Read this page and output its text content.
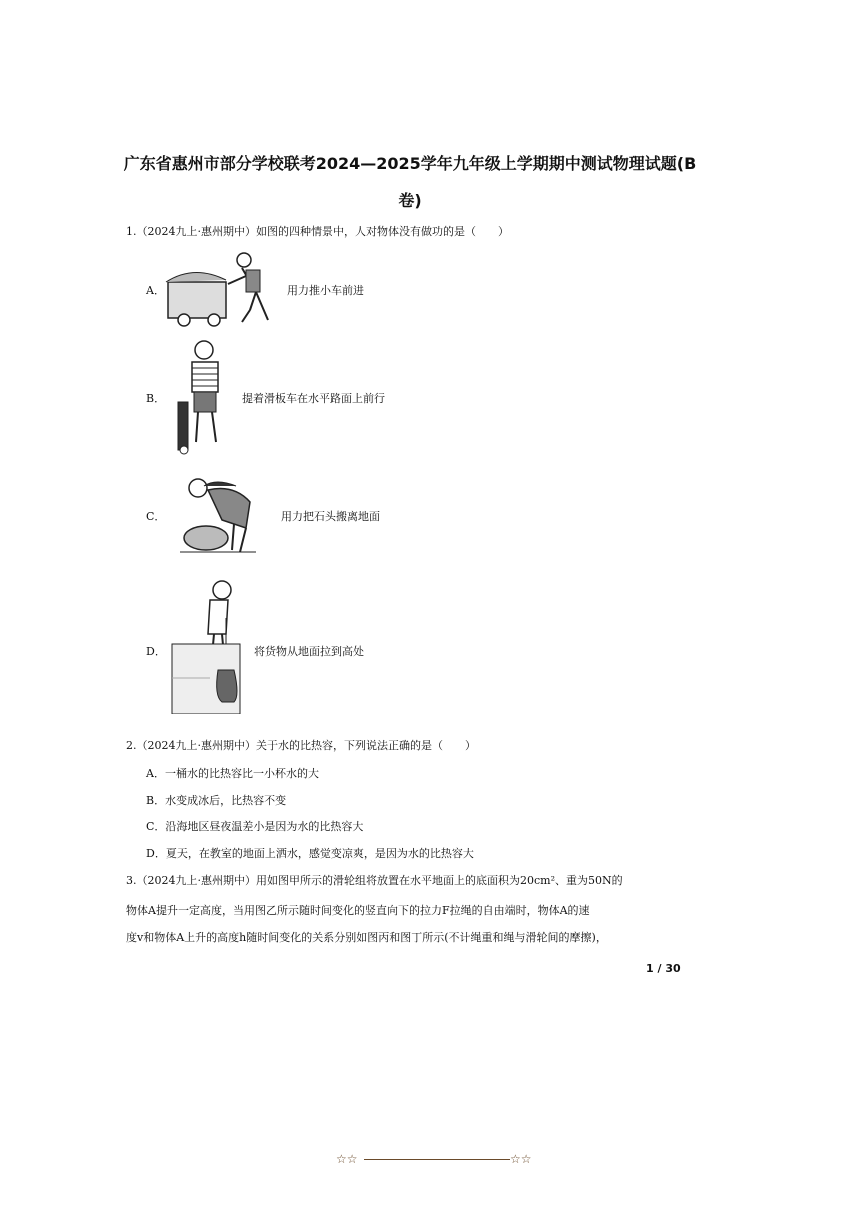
广东省惠州市部分学校联考2024—2025学年九年级上学期期中测试物理试题(B
卷)
1.（2024九上·惠州期中）如图的四种情景中，人对物体没有做功的是（　　）
A．	用力推小车前进
B．	提着滑板车在水平路面上前行
C．	用力把石头搬离地面
D．	将货物从地面拉到高处
2.（2024九上·惠州期中）关于水的比热容，下列说法正确的是（　　）
A．一桶水的比热容比一小杯水的大
B．水变成冰后，比热容不变
C．沿海地区昼夜温差小是因为水的比热容大
D．夏天，在教室的地面上洒水，感觉变凉爽，是因为水的比热容大
3.（2024九上·惠州期中）用如图甲所示的滑轮组将放置在水平地面上的底面积为20cm²、重为50N的
物体A提升一定高度，当用图乙所示随时间变化的竖直向下的拉力F拉绳的自由端时，物体A的速
度v和物体A上升的高度h随时间变化的关系分别如图丙和图丁所示(不计绳重和绳与滑轮间的摩擦)，
1 / 30
☆☆	☆☆
